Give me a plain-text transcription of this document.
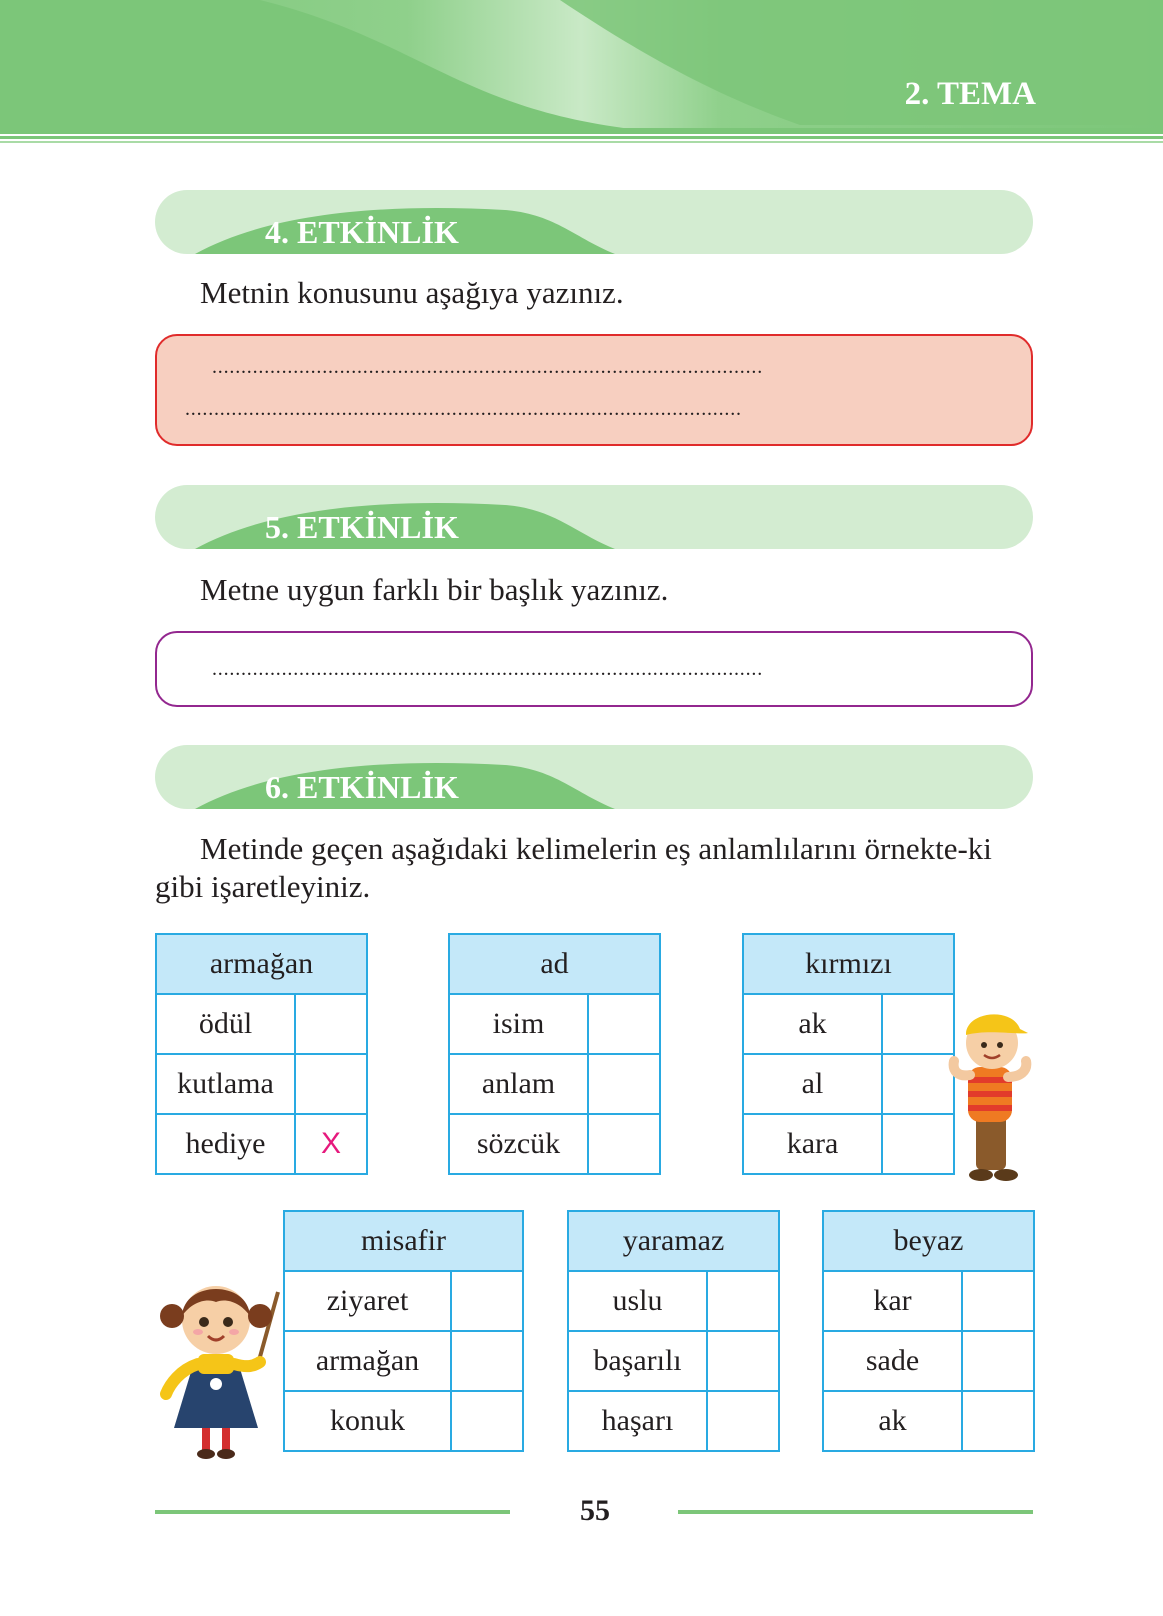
2. TEMA
4. ETKİNLİK
Metnin konusunu aşağıya yazınız.
...............................................................................................
................................................................................................
5. ETKİNLİK
Metne uygun farklı bir başlık yazınız.
...............................................................................................
6. ETKİNLİK
Metinde geçen aşağıdaki kelimelerin eş anlamlılarını örnekte-ki gibi işaretleyiniz.
armağan	
ödül	
kutlama	
hediye	X
ad	
isim	
anlam	
sözcük	
kırmızı	
ak	
al	
kara	
misafir	
ziyaret	
armağan	
konuk	
yaramaz	
uslu	
başarılı	
haşarı	
beyaz	
kar	
sade	
ak	
55
